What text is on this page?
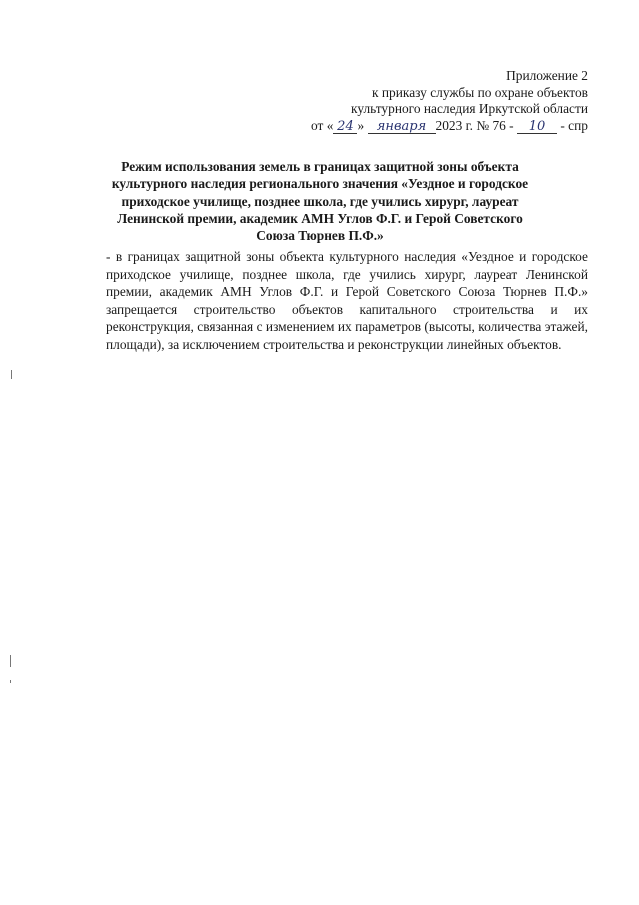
Приложение 2
к приказу службы по охране объектов
культурного наследия Иркутской области
от « 24 » января 2023 г. № 76 - 10 - спр
Режим использования земель в границах защитной зоны объекта культурного наследия регионального значения «Уездное и городское приходское училище, позднее школа, где учились хирург, лауреат Ленинской премии, академик АМН Углов Ф.Г. и Герой Советского Союза Тюрнев П.Ф.»
- в границах защитной зоны объекта культурного наследия «Уездное и городское приходское училище, позднее школа, где учились хирург, лауреат Ленинской премии, академик АМН Углов Ф.Г. и Герой Советского Союза Тюрнев П.Ф.» запрещается строительство объектов капитального строительства и их реконструкция, связанная с изменением их параметров (высоты, количества этажей, площади), за исключением строительства и реконструкции линейных объектов.
